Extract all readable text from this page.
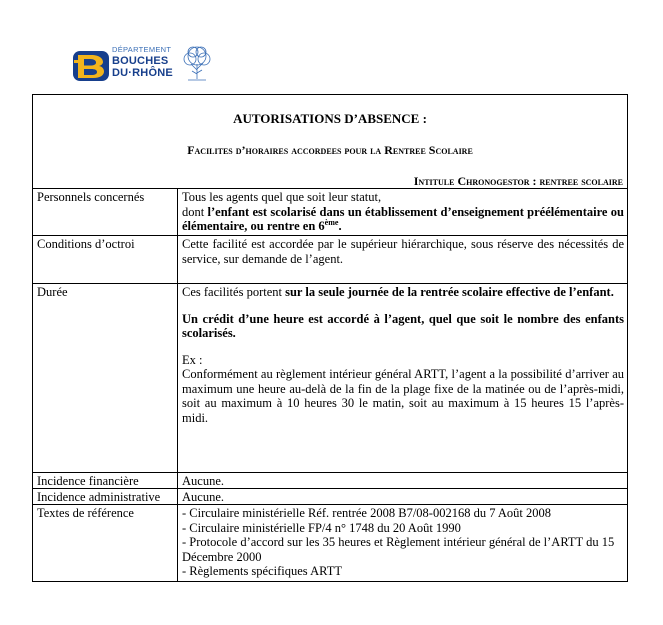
DÉPARTEMENT
BOUCHES
DU·RHÔNE
AUTORISATIONS D’ABSENCE :
Facilites d’horaires accordees pour la Rentree Scolaire
Intitule Chronogestor : rentree scolaire
Personnels concernés	Tous les agents quel que soit leur statut,
dont l’enfant est scolarisé dans un établissement d’enseignement préélémentaire ou élémentaire, ou rentre en 6ème.
Conditions d’octroi	Cette facilité est accordée par le supérieur hiérarchique, sous réserve des nécessités de service, sur demande de l’agent.
Durée	Ces facilités portent sur la seule journée de la rentrée scolaire effective de l’enfant.
Un crédit d’une heure est accordé à l’agent, quel que soit le nombre des enfants scolarisés.
Ex :
Conformément au règlement intérieur général ARTT, l’agent a la possibilité d’arriver au maximum une heure au-delà de la fin de la plage fixe de la matinée ou de l’après-midi, soit au maximum à 10 heures 30 le matin, soit au maximum à 15 heures 15 l’après-midi.
Incidence financière	Aucune.
Incidence administrative Aucune.
Textes de référence	- Circulaire ministérielle Réf. rentrée 2008 B7/08-002168 du 7 Août 2008
- Circulaire ministérielle FP/4 n° 1748 du 20 Août 1990
- Protocole d’accord sur les 35 heures et Règlement intérieur général de l’ARTT du 15 Décembre 2000
- Règlements spécifiques ARTT
